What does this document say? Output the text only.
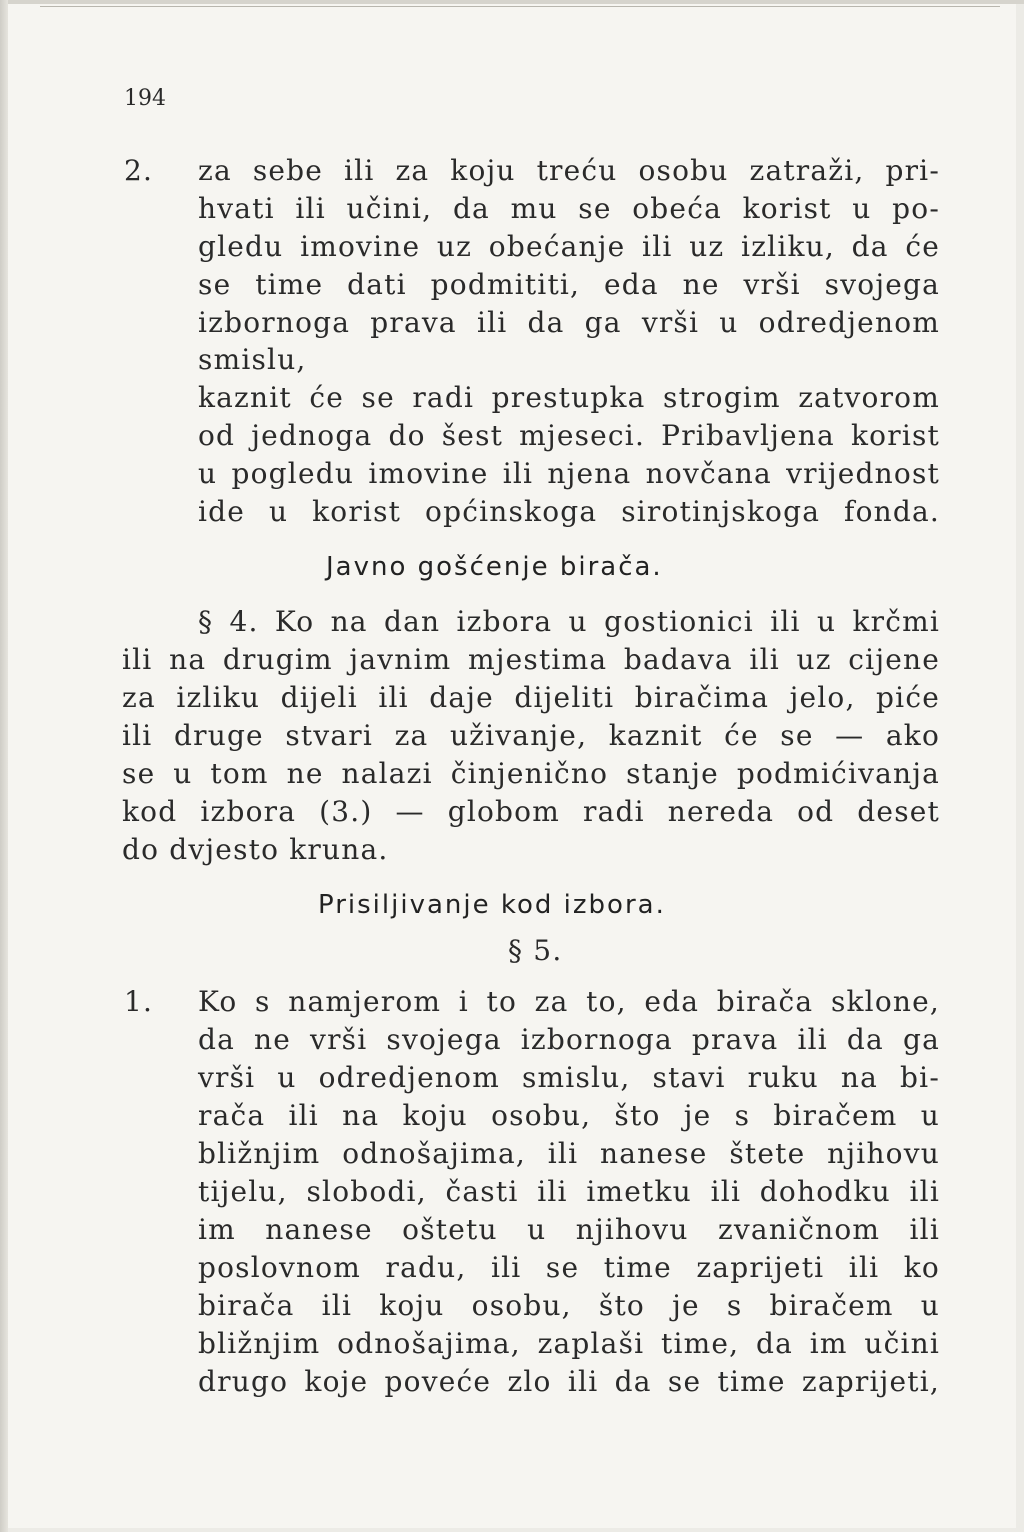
194
2. za sebe ili za koju treću osobu zatraži, pri-
hvati ili učini, da mu se obeća korist u po-
gledu imovine uz obećanje ili uz izliku, da će
se time dati podmititi, eda ne vrši svojega
izbornoga prava ili da ga vrši u odredjenom
smislu,
kaznit će se radi prestupka strogim zatvorom
od jednoga do šest mjeseci. Pribavljena korist
u pogledu imovine ili njena novčana vrijednost
ide u korist općinskoga sirotinjskoga fonda.
Javno gošćenje birača.
§ 4. Ko na dan izbora u gostionici ili u krčmi
ili na drugim javnim mjestima badava ili uz cijene
za izliku dijeli ili daje dijeliti biračima jelo, piće
ili druge stvari za uživanje, kaznit će se — ako
se u tom ne nalazi činjenično stanje podmićivanja
kod izbora (3.) — globom radi nereda od deset
do dvjesto kruna.
Prisiljivanje kod izbora.
§ 5.
1. Ko s namjerom i to za to, eda birača sklone,
da ne vrši svojega izbornoga prava ili da ga
vrši u odredjenom smislu, stavi ruku na bi-
rača ili na koju osobu, što je s biračem u
bližnjim odnošajima, ili nanese štete njihovu
tijelu, slobodi, časti ili imetku ili dohodku ili
im nanese oštetu u njihovu zvaničnom ili
poslovnom radu, ili se time zaprijeti ili ko
birača ili koju osobu, što je s biračem u
bližnjim odnošajima, zaplaši time, da im učini
drugo koje poveće zlo ili da se time zaprijeti,
